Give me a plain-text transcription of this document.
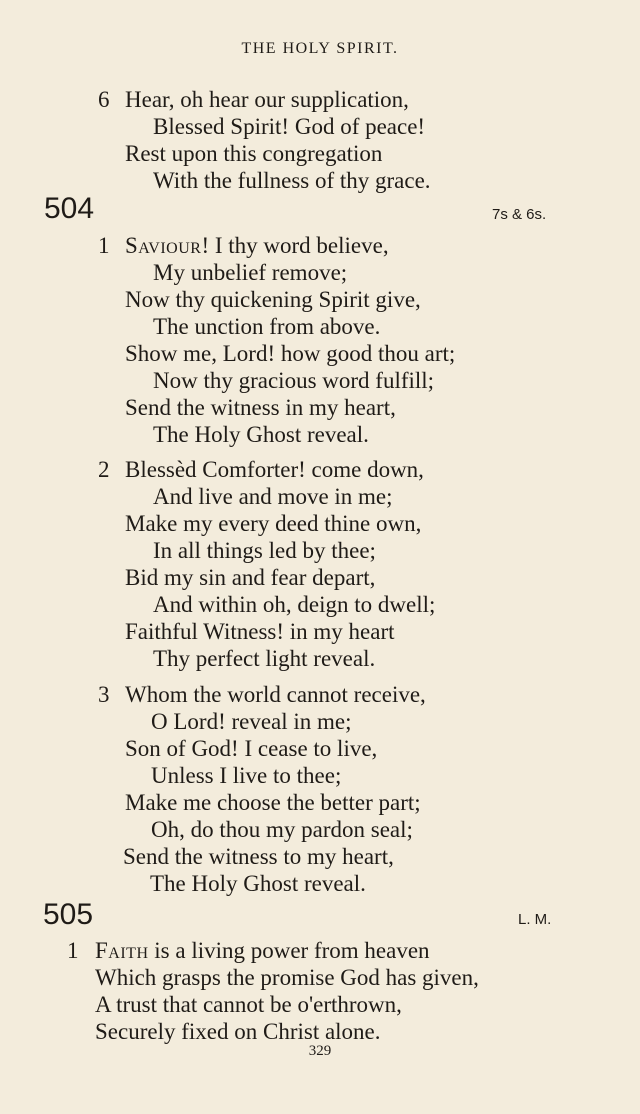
THE HOLY SPIRIT.
6 Hear, oh hear our supplication,
Blessed Spirit! God of peace!
Rest upon this congregation
With the fullness of thy grace.
504	7s & 6s.
1 Saviour! I thy word believe,
My unbelief remove;
Now thy quickening Spirit give,
The unction from above.
Show me, Lord! how good thou art;
Now thy gracious word fulfill;
Send the witness in my heart,
The Holy Ghost reveal.
2 Blessèd Comforter! come down,
And live and move in me;
Make my every deed thine own,
In all things led by thee;
Bid my sin and fear depart,
And within oh, deign to dwell;
Faithful Witness! in my heart
Thy perfect light reveal.
3 Whom the world cannot receive,
O Lord! reveal in me;
Son of God! I cease to live,
Unless I live to thee;
Make me choose the better part;
Oh, do thou my pardon seal;
Send the witness to my heart,
The Holy Ghost reveal.
505	L. M.
1 Faith is a living power from heaven
Which grasps the promise God has given,
A trust that cannot be o'erthrown,
Securely fixed on Christ alone.
329
